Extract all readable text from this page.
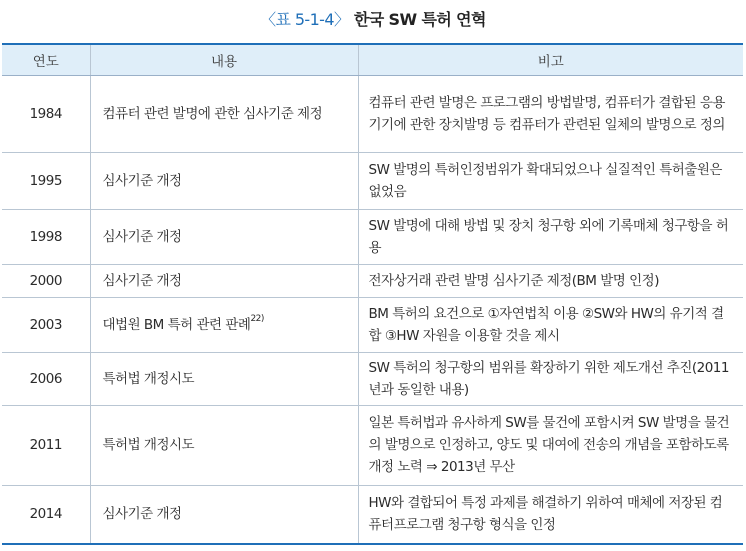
〈표 5-1-4〉 한국 SW 특허 연혁
연도	내용	비고
1984	컴퓨터 관련 발명에 관한 심사기준 제정	컴퓨터 관련 발명은 프로그램의 방법발명, 컴퓨터가 결합된 응용기기에 관한 장치발명 등 컴퓨터가 관련된 일체의 발명으로 정의
1995	심사기준 개정	SW 발명의 특허인정범위가 확대되었으나 실질적인 특허출원은 없었음
1998	심사기준 개정	SW 발명에 대해 방법 및 장치 청구항 외에 기록매체 청구항을 허용
2000	심사기준 개정	전자상거래 관련 발명 심사기준 제정(BM 발명 인정)
2003	대법원 BM 특허 관련 판례$^{22)}$	BM 특허의 요건으로 ①자연법칙 이용 ②SW와 HW의 유기적 결합 ③HW 자원을 이용할 것을 제시
2006	특허법 개정시도	SW 특허의 청구항의 범위를 확장하기 위한 제도개선 추진(2011년과 동일한 내용)
2011	특허법 개정시도	일본 특허법과 유사하게 SW를 물건에 포함시켜 SW 발명을 물건의 발명으로 인정하고, 양도 및 대여에 전송의 개념을 포함하도록 개정 노력 ⇒ 2013년 무산
2014	심사기준 개정	HW와 결합되어 특정 과제를 해결하기 위하여 매체에 저장된 컴퓨터프로그램 청구항 형식을 인정
